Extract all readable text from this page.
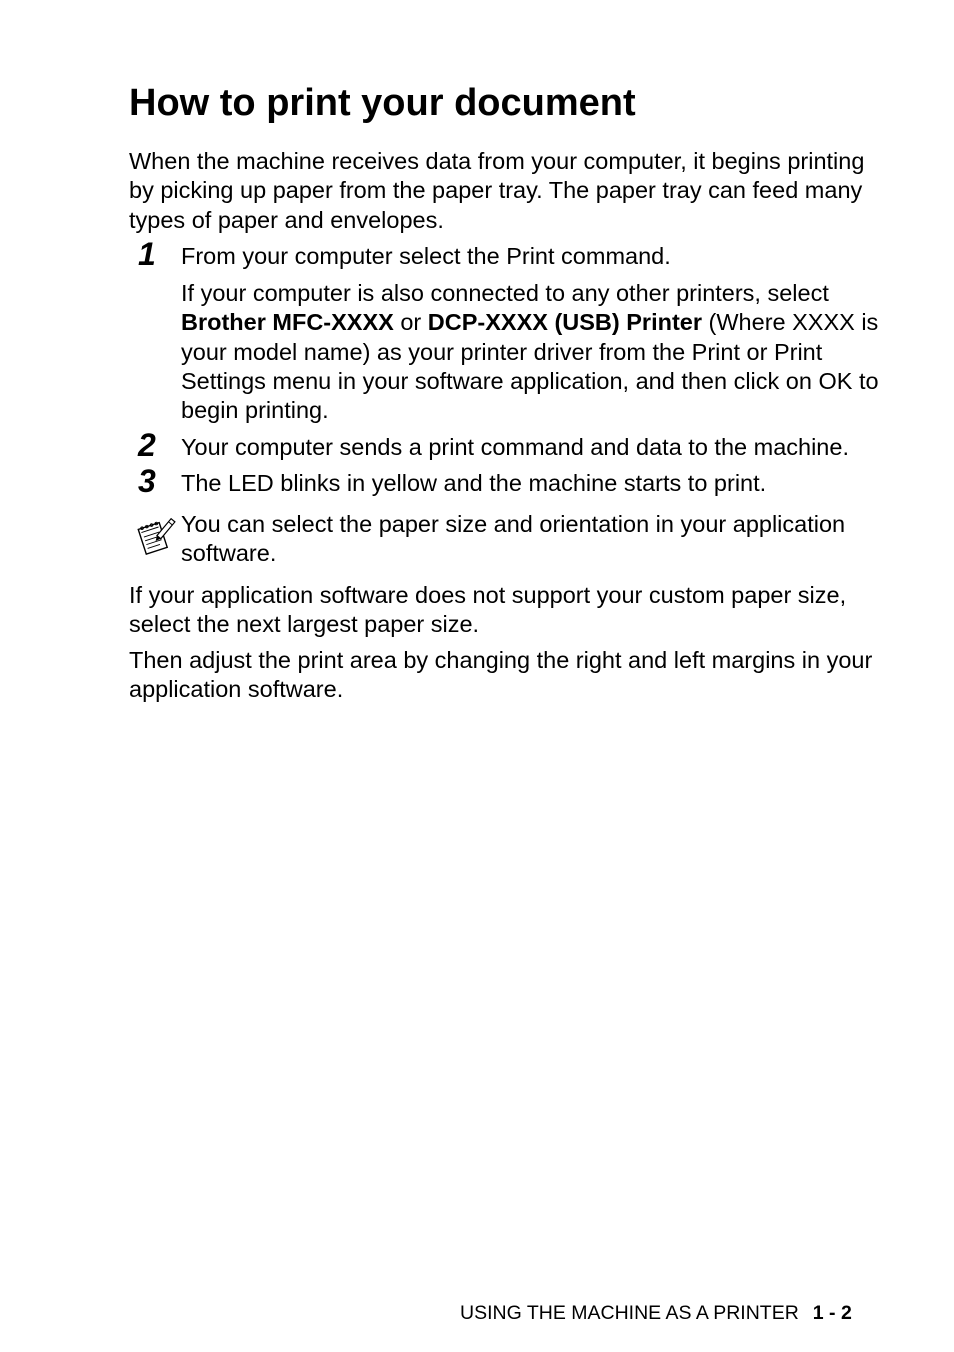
How to print your document

When the machine receives data from your computer, it begins printing by picking up paper from the paper tray. The paper tray can feed many types of paper and envelopes.

1 From your computer select the Print command.

If your computer is also connected to any other printers, select Brother MFC-XXXX or DCP-XXXX (USB) Printer (Where XXXX is your model name) as your printer driver from the Print or Print Settings menu in your software application, and then click on OK to begin printing.

2 Your computer sends a print command and data to the machine.

3 The LED blinks in yellow and the machine starts to print.

You can select the paper size and orientation in your application software.

If your application software does not support your custom paper size, select the next largest paper size.

Then adjust the print area by changing the right and left margins in your application software.

USING THE MACHINE AS A PRINTER 1 - 2
